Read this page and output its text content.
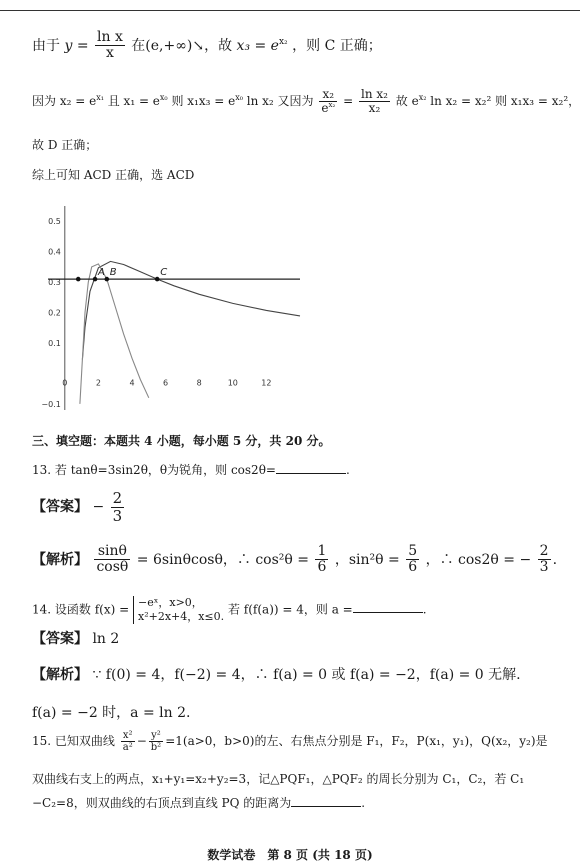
由于 $y = \frac{\text{ln x}}{x}$ 在(e,+∞)↘，故 $x_3 = e^{x_2}$ ，则 C 正确；
因为 $x_2 = e^{x_1}$ 且 $x_1 = e^{x_0}$ 则 $x_1x_3 = e^{x_0}$ ln x₂ 又因为 $\frac{\text{x₂}}{e^{x_2}} = \frac{\text{ln x₂}}{\text{x₂}}$ 故 $e^{x_2}$ ln x₂ = x₂² 则 x₁x₃ = x₂²，
故 D 正确；
综上可知 ACD 正确，选 ACD
0	2	4	6	8	10	12
0.1
0.2
0.3
0.4
0.5
−0.1
A B	C
三、填空题：本题共 4 小题，每小题 5 分，共 20 分。
13. 若 tanθ=3sin2θ，θ为锐角，则 cos2θ=	.
【答案】 − $\frac{2}{3}$
【解析】 $\frac{\sin\theta}{\cos\theta} = 6\sin\theta\cos\theta$，∴ $\cos^2\theta = \frac{1}{6}$ ，$\sin^2\theta = \frac{5}{6}$ ，∴ cos2θ = − $\frac{2}{3}$ .
14. 设函数 f(x) = −eˣ，x>0，
x²+2x+4，x≤0. 若 f(f(a)) = 4，则 a =	.
【答案】 ln 2
【解析】 ∵ f(0) = 4，f(−2) = 4，∴ f(a) = 0 或 f(a) = −2，f(a) = 0 无解.
f(a) = −2 时，a = ln 2.
15. 已知双曲线 $\frac{\text{x²}}{\text{a²}} - \frac{\text{y²}}{\text{b²}} =1(a>0$，b>0)的左、右焦点分别是 F₁，F₂，P(x₁，y₁)，Q(x₂，y₂)是
双曲线右支上的两点，x₁+y₁=x₂+y₂=3，记△PQF₁，△PQF₂ 的周长分别为 C₁，C₂，若 C₁
−C₂=8，则双曲线的右顶点到直线 PQ 的距离为	.
数学试卷　第 8 页 (共 18 页)
